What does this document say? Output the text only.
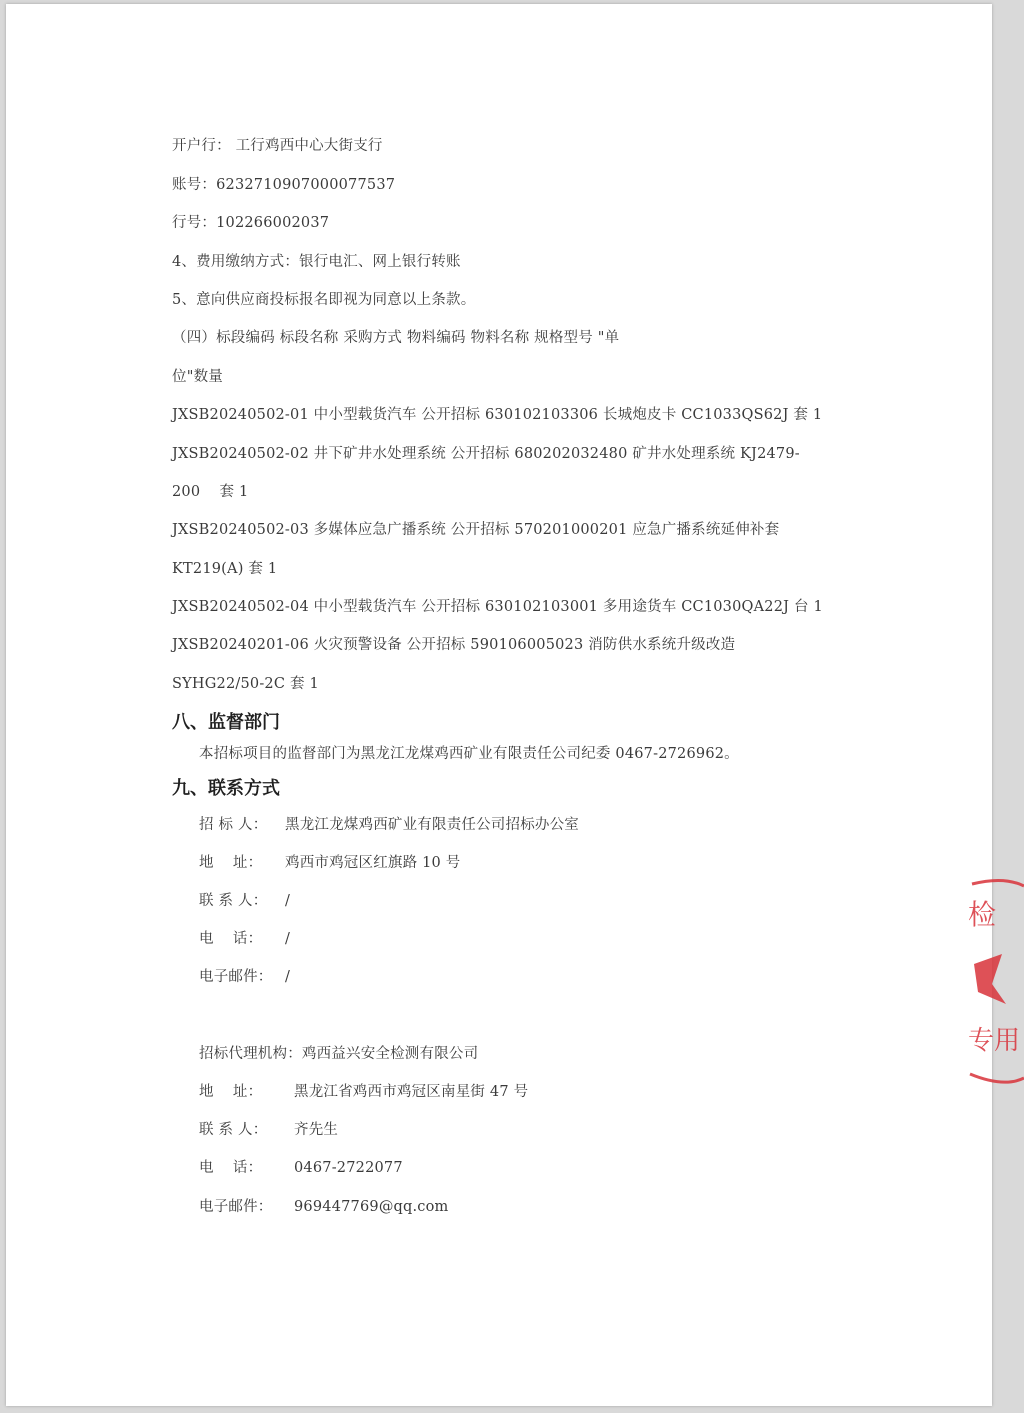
开户行： 工行鸡西中心大街支行
账号：6232710907000077537
行号：102266002037
4、费用缴纳方式：银行电汇、网上银行转账
5、意向供应商投标报名即视为同意以上条款。
（四）标段编码 标段名称 采购方式 物料编码 物料名称 规格型号 "单
位"数量
JXSB20240502-01 中小型载货汽车 公开招标 630102103306 长城炮皮卡 CC1033QS62J 套 1
JXSB20240502-02 井下矿井水处理系统 公开招标 680202032480 矿井水处理系统 KJ2479-
200    套 1
JXSB20240502-03 多媒体应急广播系统 公开招标 570201000201 应急广播系统延伸补套
KT219(A) 套 1
JXSB20240502-04 中小型载货汽车 公开招标 630102103001 多用途货车 CC1030QA22J 台 1
JXSB20240201-06 火灾预警设备 公开招标 590106005023 消防供水系统升级改造
SYHG22/50-2C 套 1
八、监督部门
本招标项目的监督部门为黑龙江龙煤鸡西矿业有限责任公司纪委 0467-2726962。
九、联系方式
招 标 人： 黑龙江龙煤鸡西矿业有限责任公司招标办公室
地    址： 鸡西市鸡冠区红旗路 10 号
联 系 人： /
电    话： /
电子邮件： /
招标代理机构：鸡西益兴安全检测有限公司
地    址： 黑龙江省鸡西市鸡冠区南星街 47 号
联 系 人： 齐先生
电    话： 0467-2722077
电子邮件： 969447769@qq.com
检
专用
